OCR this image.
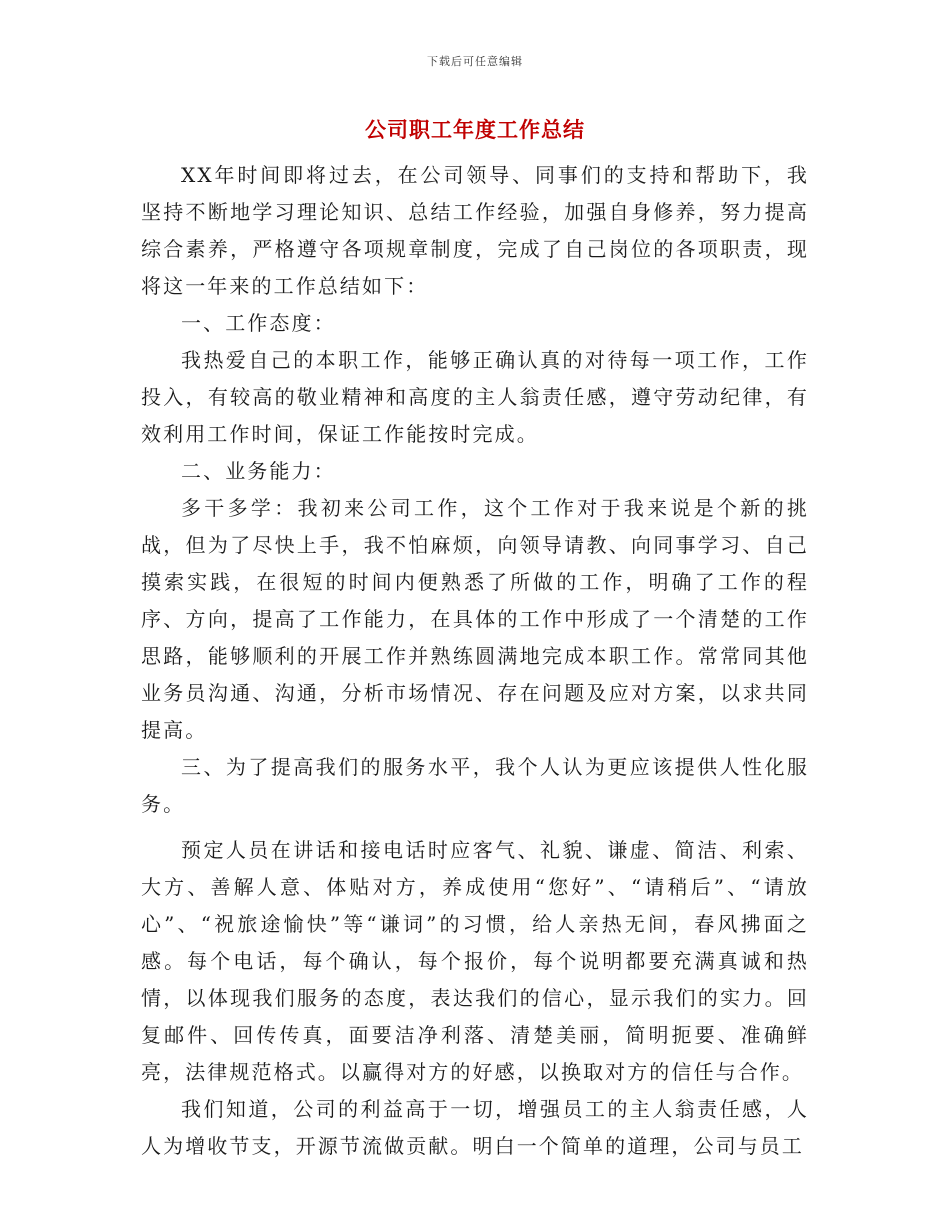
下载后可任意编辑
公司职工年度工作总结

XX年时间即将过去，在公司领导、同事们的支持和帮助下，我坚持不断地学习理论知识、总结工作经验，加强自身修养，努力提高综合素养，严格遵守各项规章制度，完成了自己岗位的各项职责，现将这一年来的工作总结如下：

一、工作态度：

我热爱自己的本职工作，能够正确认真的对待每一项工作，工作投入，有较高的敬业精神和高度的主人翁责任感，遵守劳动纪律，有效利用工作时间，保证工作能按时完成。

二、业务能力：

多干多学：我初来公司工作，这个工作对于我来说是个新的挑战，但为了尽快上手，我不怕麻烦，向领导请教、向同事学习、自己摸索实践，在很短的时间内便熟悉了所做的工作，明确了工作的程序、方向，提高了工作能力，在具体的工作中形成了一个清楚的工作思路，能够顺利的开展工作并熟练圆满地完成本职工作。常常同其他业务员沟通、沟通，分析市场情况、存在问题及应对方案，以求共同提高。

三、为了提高我们的服务水平，我个人认为更应该提供人性化服务。

预定人员在讲话和接电话时应客气、礼貌、谦虚、简洁、利索、大方、善解人意、体贴对方，养成使用“您好”、“请稍后”、“请放心”、“祝旅途愉快”等“谦词”的习惯，给人亲热无间，春风拂面之感。每个电话，每个确认，每个报价，每个说明都要充满真诚和热情，以体现我们服务的态度，表达我们的信心，显示我们的实力。回复邮件、回传传真，面要洁净利落、清楚美丽，简明扼要、准确鲜亮，法律规范格式。以赢得对方的好感，以换取对方的信任与合作。

我们知道，公司的利益高于一切，增强员工的主人翁责任感，人人为增收节支，开源节流做贡献。明白一个简单的道理，公司与员工
